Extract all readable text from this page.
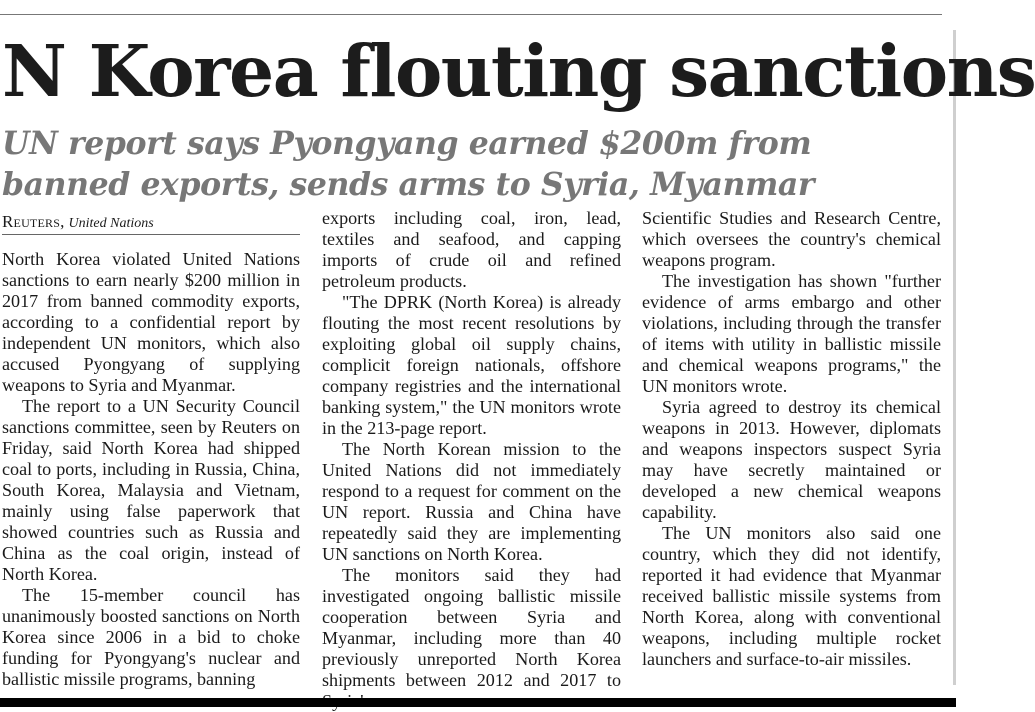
N Korea flouting sanctions
UN report says Pyongyang earned $200m from banned exports, sends arms to Syria, Myanmar
Reuters, United Nations

North Korea violated United Nations sanctions to earn nearly $200 million in 2017 from banned commodity exports, according to a confidential report by independent UN monitors, which also accused Pyongyang of supplying weapons to Syria and Myanmar.

The report to a UN Security Council sanctions committee, seen by Reuters on Friday, said North Korea had shipped coal to ports, including in Russia, China, South Korea, Malaysia and Vietnam, mainly using false paperwork that showed countries such as Russia and China as the coal origin, instead of North Korea.

The 15-member council has unanimously boosted sanctions on North Korea since 2006 in a bid to choke funding for Pyongyang's nuclear and ballistic missile programs, banning

exports including coal, iron, lead, textiles and seafood, and capping imports of crude oil and refined petroleum products.

"The DPRK (North Korea) is already flouting the most recent resolutions by exploiting global oil supply chains, complicit foreign nationals, offshore company registries and the international banking system," the UN monitors wrote in the 213-page report.

The North Korean mission to the United Nations did not immediately respond to a request for comment on the UN report. Russia and China have repeatedly said they are implementing UN sanctions on North Korea.

The monitors said they had investigated ongoing ballistic missile cooperation between Syria and Myanmar, including more than 40 previously unreported North Korea shipments between 2012 and 2017 to

Scientific Studies and Research Centre, which oversees the country's chemical weapons program.

The investigation has shown "further evidence of arms embargo and other violations, including through the transfer of items with utility in ballistic missile and chemical weapons programs," the UN monitors wrote.

Syria agreed to destroy its chemical weapons in 2013. However, diplomats and weapons inspectors suspect Syria may have secretly maintained or developed a new chemical weapons capability.

The UN monitors also said one country, which they did not identify, reported it had evidence that Myanmar received ballistic missile systems from North Korea, along with conventional weapons, including multiple rocket launchers and surface-to-air missiles.
